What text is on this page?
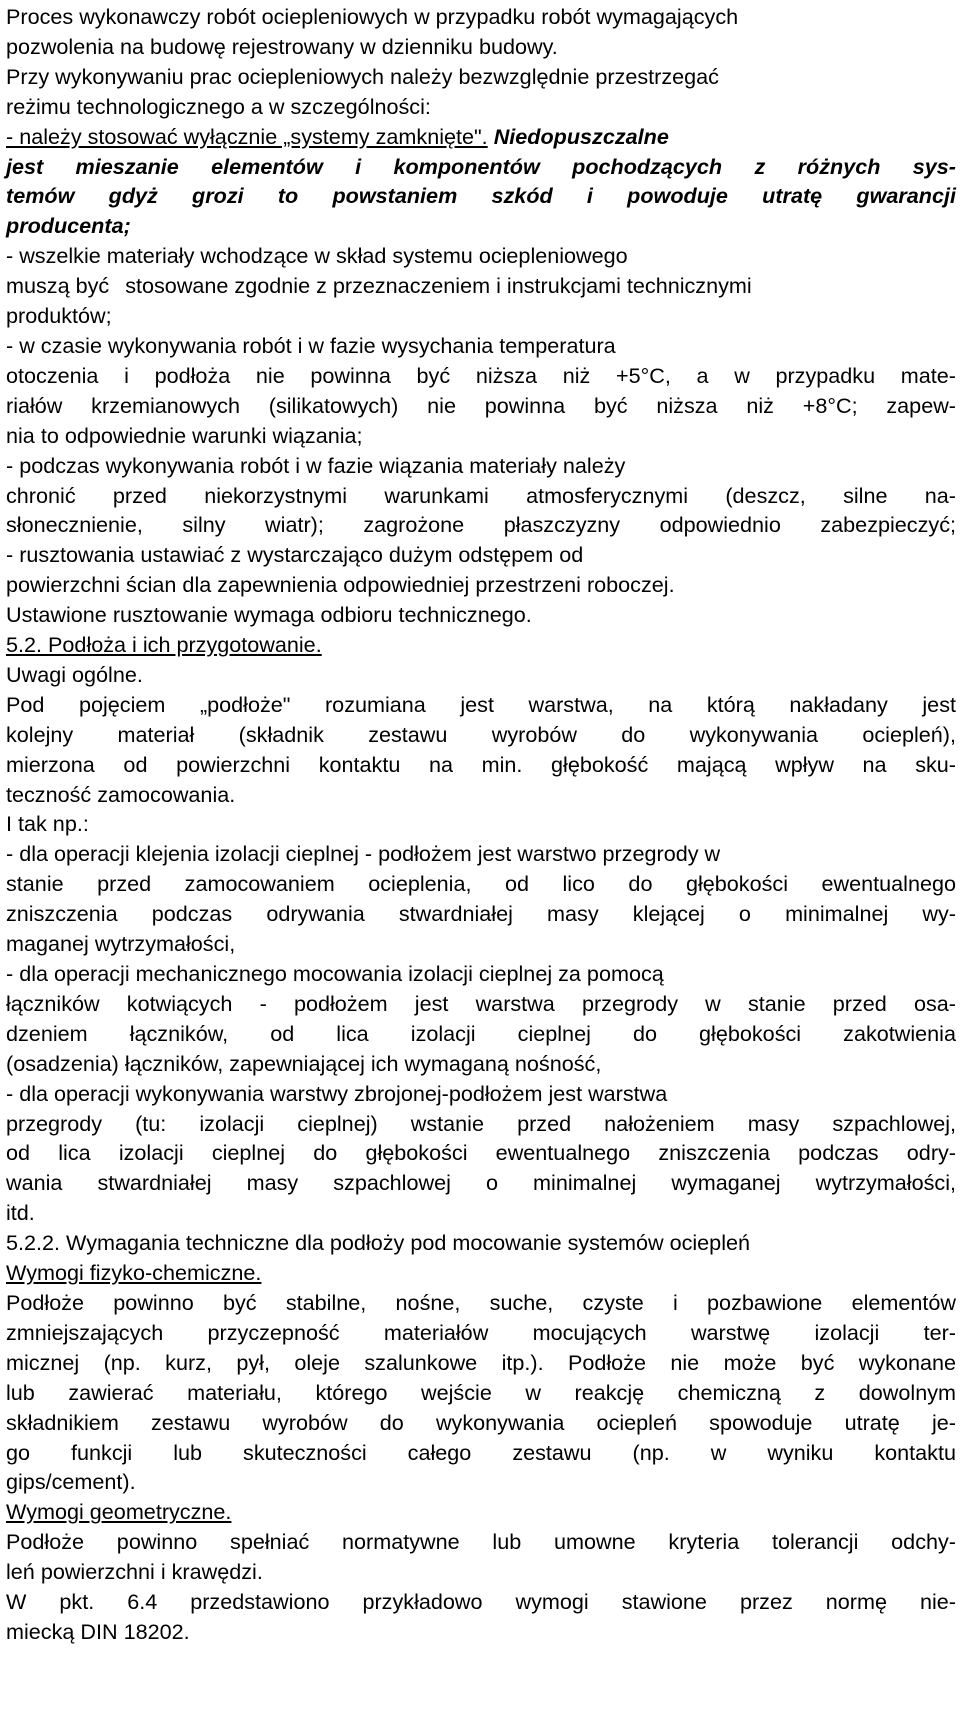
Proces wykonawczy robót ociepleniowych w przypadku robót wymagających

pozwolenia na budowę rejestrowany w dzienniku budowy.

Przy wykonywaniu prac ociepleniowych należy bezwzględnie przestrzegać

reżimu technologicznego a w szczególności:

- należy stosować wyłącznie „systemy zamknięte". Niedopuszczalne

jest mieszanie elementów i komponentów pochodzących z różnych sys-

temów gdyż grozi to powstaniem szkód i powoduje utratę gwarancji

producenta;

- wszelkie materiały wchodzące w skład systemu ociepleniowego

muszą być stosowane zgodnie z przeznaczeniem i instrukcjami technicznymi

produktów;

- w czasie wykonywania robót i w fazie wysychania temperatura

otoczenia i podłoża nie powinna być niższa niż +5°C, a w przypadku mate-

riałów krzemianowych (silikatowych) nie powinna być niższa niż +8°C; zapew-

nia to odpowiednie warunki wiązania;

- podczas wykonywania robót i w fazie wiązania materiały należy

chronić przed niekorzystnymi warunkami atmosferycznymi (deszcz, silne na-

słonecznienie, silny wiatr); zagrożone płaszczyzny odpowiednio zabezpieczyć;

- rusztowania ustawiać z wystarczająco dużym odstępem od

powierzchni ścian dla zapewnienia odpowiedniej przestrzeni roboczej.

Ustawione rusztowanie wymaga odbioru technicznego.

5.2. Podłoża i ich przygotowanie.

Uwagi ogólne.

Pod pojęciem „podłoże" rozumiana jest warstwa, na którą nakładany jest

kolejny materiał (składnik zestawu wyrobów do wykonywania ociepleń),

mierzona od powierzchni kontaktu na min. głębokość mającą wpływ na sku-

teczność zamocowania.

I tak np.:

- dla operacji klejenia izolacji cieplnej - podłożem jest warstwo przegrody w

stanie przed zamocowaniem ocieplenia, od lico do głębokości ewentualnego

zniszczenia podczas odrywania stwardniałej masy klejącej o minimalnej wy-

maganej wytrzymałości,

- dla operacji mechanicznego mocowania izolacji cieplnej za pomocą

łączników kotwiących - podłożem jest warstwa przegrody w stanie przed osa-

dzeniem łączników, od lica izolacji cieplnej do głębokości zakotwienia

(osadzenia) łączników, zapewniającej ich wymaganą nośność,

- dla operacji wykonywania warstwy zbrojonej-podłożem jest warstwa

przegrody (tu: izolacji cieplnej) wstanie przed nałożeniem masy szpachlowej,

od lica izolacji cieplnej do głębokości ewentualnego zniszczenia podczas odry-

wania stwardniałej masy szpachlowej o minimalnej wymaganej wytrzymałości,

itd.

5.2.2. Wymagania techniczne dla podłoży pod mocowanie systemów ociepleń

Wymogi fizyko-chemiczne.

Podłoże powinno być stabilne, nośne, suche, czyste i pozbawione elementów

zmniejszających przyczepność materiałów mocujących warstwę izolacji ter-

micznej (np. kurz, pył, oleje szalunkowe itp.). Podłoże nie może być wykonane

lub zawierać materiału, którego wejście w reakcję chemiczną z dowolnym

składnikiem zestawu wyrobów do wykonywania ociepleń spowoduje utratę je-

go funkcji lub skuteczności całego zestawu (np. w wyniku kontaktu

gips/cement).

Wymogi geometryczne.

Podłoże powinno spełniać normatywne lub umowne kryteria tolerancji odchy-

leń powierzchni i krawędzi.

W pkt. 6.4 przedstawiono przykładowo wymogi stawione przez normę nie-

miecką DIN 18202.
